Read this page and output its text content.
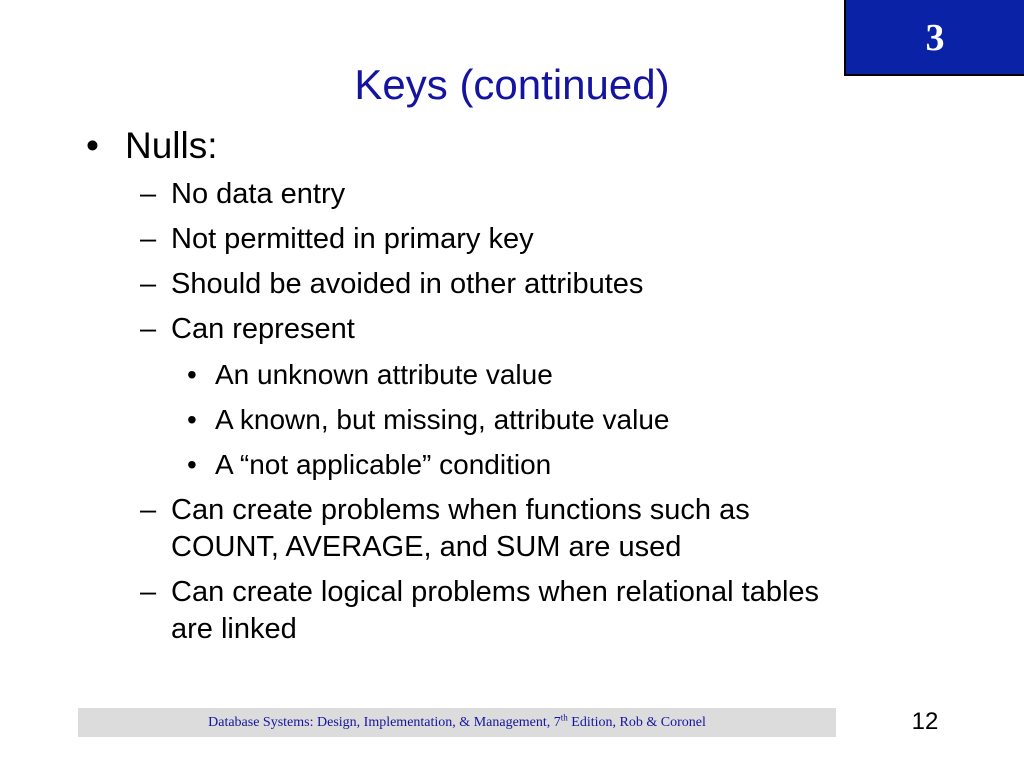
3
Keys (continued)
• Nulls:
– No data entry
– Not permitted in primary key
– Should be avoided in other attributes
– Can represent
• An unknown attribute value
• A known, but missing, attribute value
• A “not applicable” condition
– Can create problems when functions such as
COUNT, AVERAGE, and SUM are used
– Can create logical problems when relational tables
are linked
Database Systems: Design, Implementation, & Management, 7th Edition, Rob & Coronel	12
